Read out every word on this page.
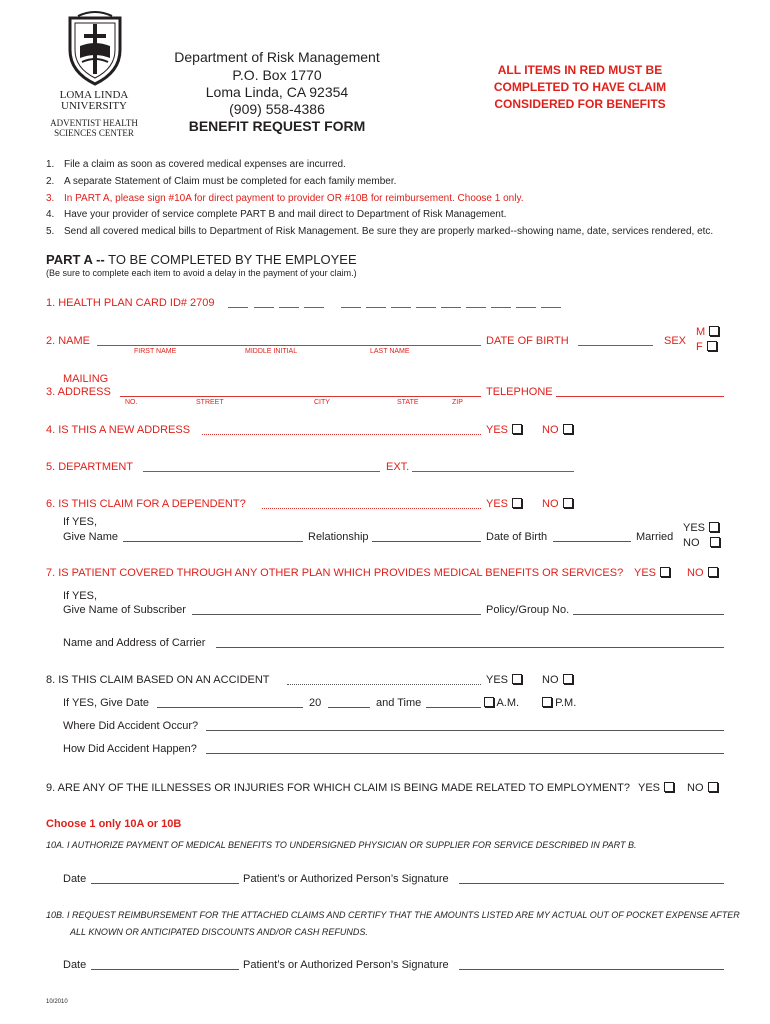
LOMA LINDA
UNIVERSITY
ADVENTIST HEALTH
SCIENCES CENTER
Department of Risk Management
P.O. Box 1770
Loma Linda, CA 92354
(909) 558-4386
BENEFIT REQUEST FORM
ALL ITEMS IN RED MUST BE
COMPLETED TO HAVE CLAIM
CONSIDERED FOR BENEFITS
1. File a claim as soon as covered medical expenses are incurred.
2. A separate Statement of Claim must be completed for each family member.
3. In PART A, please sign #10A for direct payment to provider OR #10B for reimbursement. Choose 1 only.
4. Have your provider of service complete PART B and mail direct to Department of Risk Management.
5. Send all covered medical bills to Department of Risk Management. Be sure they are properly marked--showing name, date, services rendered, etc.
PART A -- TO BE COMPLETED BY THE EMPLOYEE
(Be sure to complete each item to avoid a delay in the payment of your claim.)
1. HEALTH PLAN CARD ID# 2709
2. NAME
FIRST NAME	MIDDLE INITIAL	LAST NAME
DATE OF BIRTH	SEX
M
F
MAILING
3. ADDRESS
NO.	STREET	CITY	STATE	ZIP
TELEPHONE
4. IS THIS A NEW ADDRESS	YES	NO
5. DEPARTMENT	EXT.
6. IS THIS CLAIM FOR A DEPENDENT?	YES	NO
If YES,
Give Name	Relationship	Date of Birth	Married
YES
NO
7. IS PATIENT COVERED THROUGH ANY OTHER PLAN WHICH PROVIDES MEDICAL BENEFITS OR SERVICES? YES	NO
If YES,
Give Name of Subscriber	Policy/Group No.
Name and Address of Carrier
8. IS THIS CLAIM BASED ON AN ACCIDENT	YES	NO
If YES, Give Date	20	and Time	A.M.	P.M.
Where Did Accident Occur?
How Did Accident Happen?
9. ARE ANY OF THE ILLNESSES OR INJURIES FOR WHICH CLAIM IS BEING MADE RELATED TO EMPLOYMENT? YES	NO
Choose 1 only 10A or 10B
10A. I AUTHORIZE PAYMENT OF MEDICAL BENEFITS TO UNDERSIGNED PHYSICIAN OR SUPPLIER FOR SERVICE DESCRIBED IN PART B.
Date	Patient’s or Authorized Person’s Signature
10B. I REQUEST REIMBURSEMENT FOR THE ATTACHED CLAIMS AND CERTIFY THAT THE AMOUNTS LISTED ARE MY ACTUAL OUT OF POCKET EXPENSE AFTER
ALL KNOWN OR ANTICIPATED DISCOUNTS AND/OR CASH REFUNDS.
Date	Patient’s or Authorized Person’s Signature
10/2010
